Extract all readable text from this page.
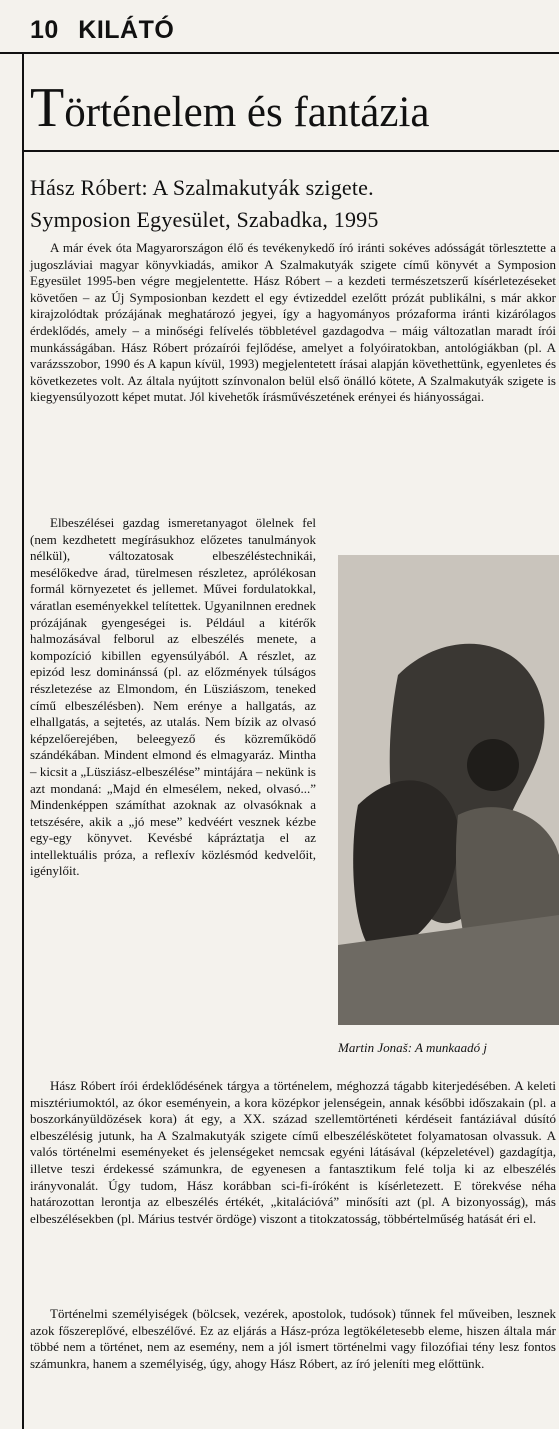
10 KILÁTÓ
Történelem és fantázia
Hász Róbert: A Szalmakutyák szigete.
Symposion Egyesület, Szabadka, 1995

A már évek óta Magyarországon élő és tevékenykedő író iránti sokéves adósságát törlesztette a jugoszláviai magyar könyvkiadás, amikor A Szalmakutyák szigete című könyvét a Symposion Egyesület 1995-ben végre megjelentette. Hász Róbert – a kezdeti természetszerű kísérletezéseket követően – az Új Symposionban kezdett el egy évtizeddel ezelőtt prózát publikálni, s már akkor kirajzolódtak prózájának meghatározó jegyei, így a hagyományos prózaforma iránti kizárólagos érdeklődés, amely – a minőségi felívelés többletével gazdagodva – máig változatlan maradt írói munkásságában. Hász Róbert prózaírói fejlődése, amelyet a folyóiratokban, antológiákban (pl. A varázsszobor, 1990 és A kapun kívül, 1993) megjelentetett írásai alapján követhettünk, egyenletes és következetes volt. Az általa nyújtott színvonalon belül első önálló kötete, A Szalmakutyák szigete is kiegyensúlyozott képet mutat. Jól kivehetők írásművészetének erényei és hiányosságai.

Elbeszélései gazdag ismeretanyagot ölelnek fel (nem kezdhetett megírásukhoz előzetes tanulmányok nélkül), változatosak elbeszéléstechnikái, mesélőkedve árad, türelmesen részletez, aprólékosan formál környezetet és jellemet. Művei fordulatokkal, váratlan eseményekkel telítettek. Ugyanilnnen erednek prózájának gyengeségei is. Például a kitérők halmozásával felborul az elbeszélés menete, a kompozíció kibillen egyensúlyából. A részlet, az epizód lesz dominánssá (pl. az előzmények túlságos részletezése az Elmondom, én Lüsziászom, teneked című elbeszélésben). Nem erénye a hallgatás, az elhallgatás, a sejtetés, az utalás. Nem bízik az olvasó képzelőerejében, beleegyező és közreműködő szándékában. Mindent elmond és elmagyaráz. Mintha – kicsit a „Lüsziász-elbeszélése” mintájára – nekünk is azt mondaná: „Majd én elmesélem, neked, olvasó...” Mindenképpen számíthat azoknak az olvasóknak a tetszésére, akik a „jó mese” kedvéért vesznek kézbe egy-egy könyvet. Kevésbé kápráztatja el az intellektuális próza, a reflexív közlésmód kedvelőit, igénylőit.

Martin Jonaš: A munkaadó j

Hász Róbert írói érdeklődésének tárgya a történelem, méghozzá tágabb kiterjedésében. A keleti misztériumoktól, az ókor eseményein, a kora középkor jelenségein, annak későbbi időszakain (pl. a boszorkányüldözések kora) át egy, a XX. század szellemtörténeti kérdéseit fantáziával dúsító elbeszélésig jutunk, ha A Szalmakutyák szigete című elbeszéléskötetet folyamatosan olvassuk. A valós történelmi eseményeket és jelenségeket nemcsak egyéni látásával (képzeletével) gazdagítja, illetve teszi érdekessé számunkra, de egyenesen a fantasztikum felé tolja ki az elbeszélés irányvonalát. Úgy tudom, Hász korábban sci-fi-íróként is kísérletezett. E törekvése néha határozottan lerontja az elbeszélés értékét, „kitalációvá” minősíti azt (pl. A bizonyosság), más elbeszélésekben (pl. Márius testvér ördöge) viszont a titokzatosság, többértelműség hatását éri el.

Történelmi személyiségek (bölcsek, vezérek, apostolok, tudósok) tűnnek fel műveiben, lesznek azok főszereplővé, elbeszélővé. Ez az eljárás a Hász-próza legtökéletesebb eleme, hiszen általa már többé nem a történet, nem az esemény, nem a jól ismert történelmi vagy filozófiai tény lesz fontos számunkra, hanem a személyiség, úgy, ahogy Hász Róbert, az író jeleníti meg előttünk.
